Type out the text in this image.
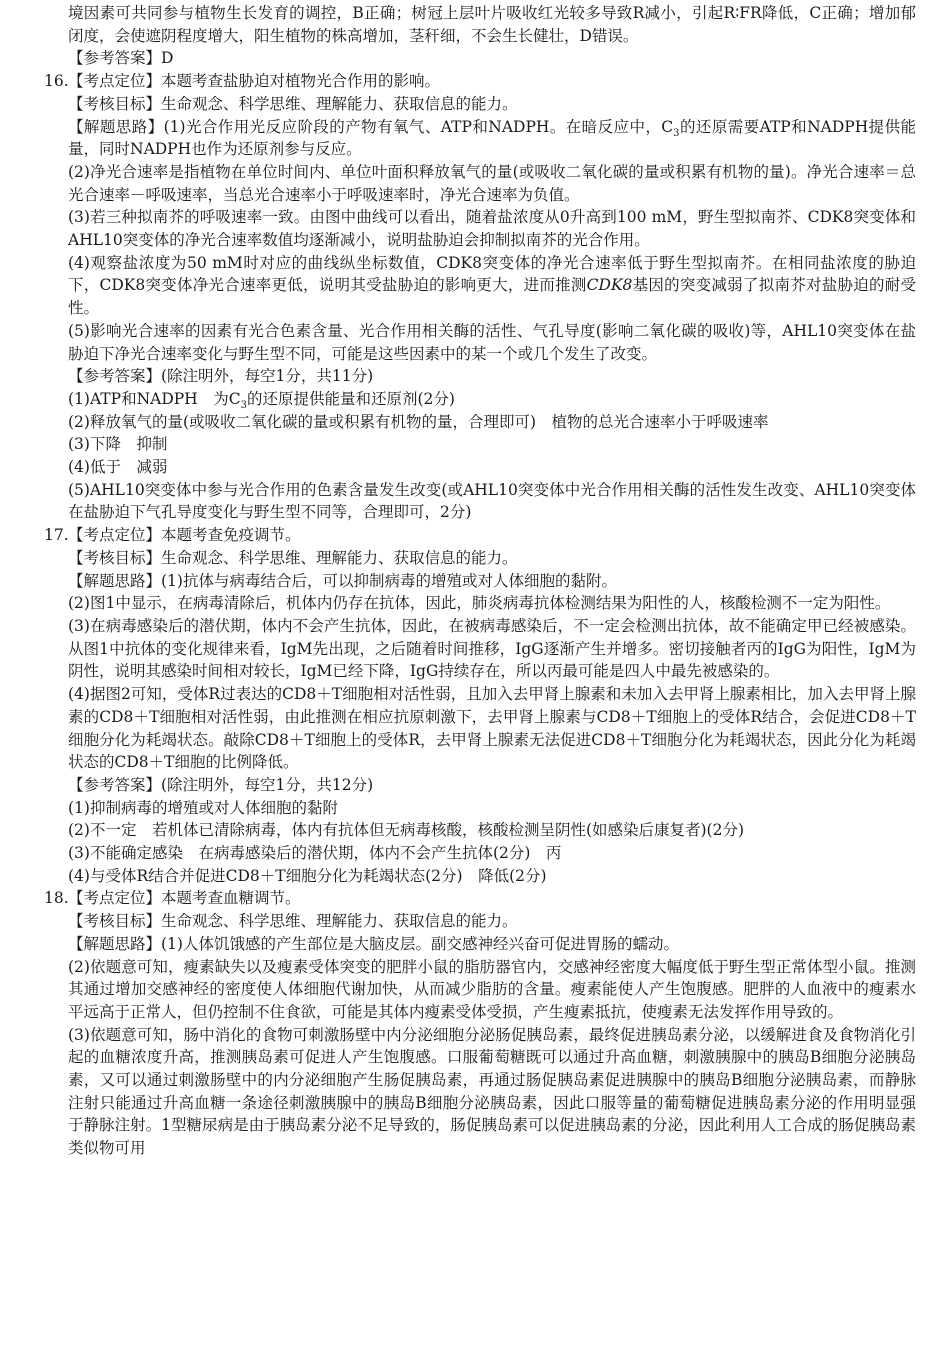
境因素可共同参与植物生长发育的调控，B正确；树冠上层叶片吸收红光较多导致R减小，引起R∶FR降低，C正确；增加郁闭度，会使遮阴程度增大，阳生植物的株高增加，茎秆细，不会生长健壮，D错误。

【参考答案】D

16.【考点定位】本题考查盐胁迫对植物光合作用的影响。

【考核目标】生命观念、科学思维、理解能力、获取信息的能力。

【解题思路】(1)光合作用光反应阶段的产物有氧气、ATP和NADPH。在暗反应中，$C_3$的还原需要ATP和NADPH提供能量，同时NADPH也作为还原剂参与反应。

(2)净光合速率是指植物在单位时间内、单位叶面积释放氧气的量(或吸收二氧化碳的量或积累有机物的量)。净光合速率＝总光合速率－呼吸速率，当总光合速率小于呼吸速率时，净光合速率为负值。

(3)若三种拟南芥的呼吸速率一致。由图中曲线可以看出，随着盐浓度从0升高到100 mM，野生型拟南芥、CDK8突变体和AHL10突变体的净光合速率数值均逐渐减小，说明盐胁迫会抑制拟南芥的光合作用。

(4)观察盐浓度为50 mM时对应的曲线纵坐标数值，CDK8突变体的净光合速率低于野生型拟南芥。在相同盐浓度的胁迫下，CDK8突变体净光合速率更低，说明其受盐胁迫的影响更大，进而推测CDK8基因的突变减弱了拟南芥对盐胁迫的耐受性。

(5)影响光合速率的因素有光合色素含量、光合作用相关酶的活性、气孔导度(影响二氧化碳的吸收)等，AHL10突变体在盐胁迫下净光合速率变化与野生型不同，可能是这些因素中的某一个或几个发生了改变。

【参考答案】(除注明外，每空1分，共11分)

(1)ATP和NADPH　为$C_3$的还原提供能量和还原剂(2分)

(2)释放氧气的量(或吸收二氧化碳的量或积累有机物的量，合理即可)　植物的总光合速率小于呼吸速率

(3)下降　抑制

(4)低于　减弱

(5)AHL10突变体中参与光合作用的色素含量发生改变(或AHL10突变体中光合作用相关酶的活性发生改变、AHL10突变体在盐胁迫下气孔导度变化与野生型不同等，合理即可，2分)

17.【考点定位】本题考查免疫调节。

【考核目标】生命观念、科学思维、理解能力、获取信息的能力。

【解题思路】(1)抗体与病毒结合后，可以抑制病毒的增殖或对人体细胞的黏附。

(2)图1中显示，在病毒清除后，机体内仍存在抗体，因此，肺炎病毒抗体检测结果为阳性的人，核酸检测不一定为阳性。

(3)在病毒感染后的潜伏期，体内不会产生抗体，因此，在被病毒感染后，不一定会检测出抗体，故不能确定甲已经被感染。从图1中抗体的变化规律来看，IgM先出现，之后随着时间推移，IgG逐渐产生并增多。密切接触者丙的IgG为阳性，IgM为阴性，说明其感染时间相对较长，IgM已经下降，IgG持续存在，所以丙最可能是四人中最先被感染的。

(4)据图2可知，受体R过表达的CD8＋T细胞相对活性弱，且加入去甲肾上腺素和未加入去甲肾上腺素相比，加入去甲肾上腺素的CD8＋T细胞相对活性弱，由此推测在相应抗原刺激下，去甲肾上腺素与CD8＋T细胞上的受体R结合，会促进CD8＋T细胞分化为耗竭状态。敲除CD8＋T细胞上的受体R，去甲肾上腺素无法促进CD8＋T细胞分化为耗竭状态，因此分化为耗竭状态的CD8＋T细胞的比例降低。

【参考答案】(除注明外，每空1分，共12分)

(1)抑制病毒的增殖或对人体细胞的黏附

(2)不一定　若机体已清除病毒，体内有抗体但无病毒核酸，核酸检测呈阴性(如感染后康复者)(2分)

(3)不能确定感染　在病毒感染后的潜伏期，体内不会产生抗体(2分)　丙

(4)与受体R结合并促进CD8＋T细胞分化为耗竭状态(2分)　降低(2分)

18.【考点定位】本题考查血糖调节。

【考核目标】生命观念、科学思维、理解能力、获取信息的能力。

【解题思路】(1)人体饥饿感的产生部位是大脑皮层。副交感神经兴奋可促进胃肠的蠕动。

(2)依题意可知，瘦素缺失以及瘦素受体突变的肥胖小鼠的脂肪器官内，交感神经密度大幅度低于野生型正常体型小鼠。推测其通过增加交感神经的密度使人体细胞代谢加快，从而减少脂肪的含量。瘦素能使人产生饱腹感。肥胖的人血液中的瘦素水平远高于正常人，但仍控制不住食欲，可能是其体内瘦素受体受损，产生瘦素抵抗，使瘦素无法发挥作用导致的。

(3)依题意可知，肠中消化的食物可刺激肠壁中内分泌细胞分泌肠促胰岛素，最终促进胰岛素分泌，以缓解进食及食物消化引起的血糖浓度升高，推测胰岛素可促进人产生饱腹感。口服葡萄糖既可以通过升高血糖，刺激胰腺中的胰岛B细胞分泌胰岛素，又可以通过刺激肠壁中的内分泌细胞产生肠促胰岛素，再通过肠促胰岛素促进胰腺中的胰岛B细胞分泌胰岛素，而静脉注射只能通过升高血糖一条途径刺激胰腺中的胰岛B细胞分泌胰岛素，因此口服等量的葡萄糖促进胰岛素分泌的作用明显强于静脉注射。1型糖尿病是由于胰岛素分泌不足导致的，肠促胰岛素可以促进胰岛素的分泌，因此利用人工合成的肠促胰岛素类似物可用
